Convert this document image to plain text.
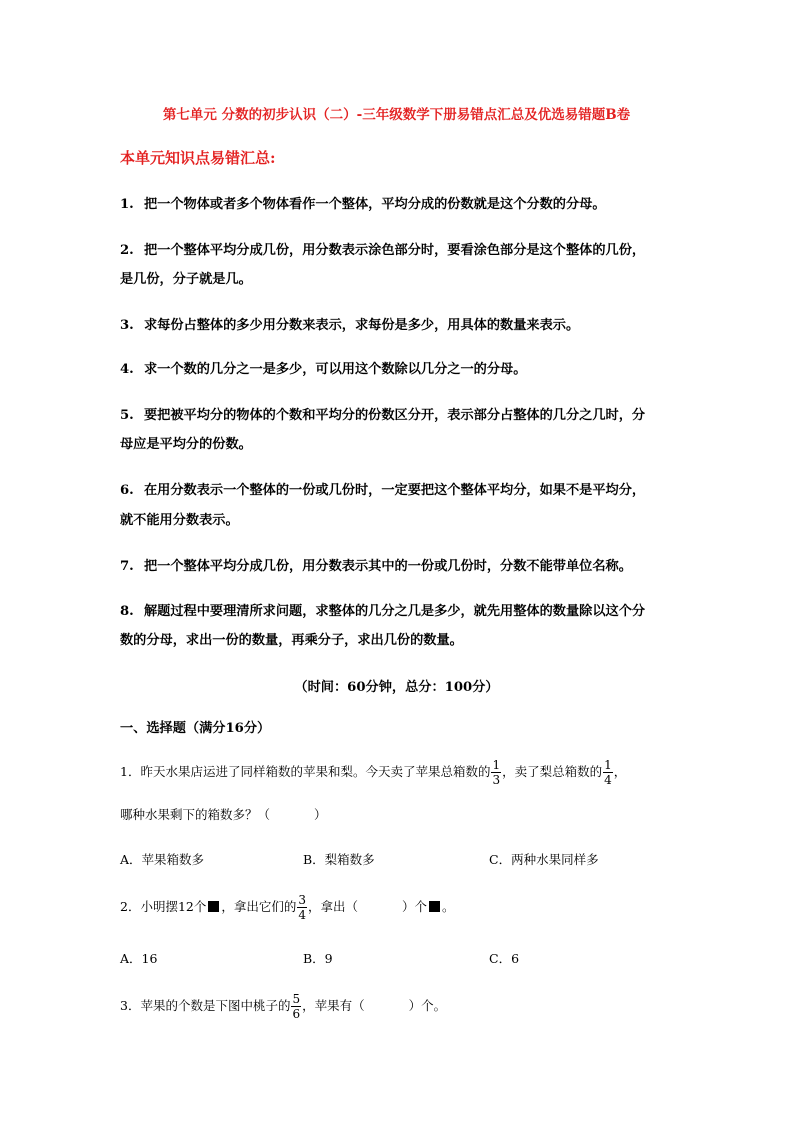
第七单元 分数的初步认识（二）-三年级数学下册易错点汇总及优选易错题B卷
本单元知识点易错汇总:
1. 把一个物体或者多个物体看作一个整体，平均分成的份数就是这个分数的分母。
2. 把一个整体平均分成几份，用分数表示涂色部分时，要看涂色部分是这个整体的几份，
是几份，分子就是几。
3. 求每份占整体的多少用分数来表示，求每份是多少，用具体的数量来表示。
4. 求一个数的几分之一是多少，可以用这个数除以几分之一的分母。
5. 要把被平均分的物体的个数和平均分的份数区分开，表示部分占整体的几分之几时，分
母应是平均分的份数。
6. 在用分数表示一个整体的一份或几份时，一定要把这个整体平均分，如果不是平均分，
就不能用分数表示。
7. 把一个整体平均分成几份，用分数表示其中的一份或几份时，分数不能带单位名称。
8. 解题过程中要理清所求问题，求整体的几分之几是多少，就先用整体的数量除以这个分
数的分母，求出一份的数量，再乘分子，求出几份的数量。
（时间：60分钟，总分：100分）
一、选择题（满分16分）
1．昨天水果店运进了同样箱数的苹果和梨。今天卖了苹果总箱数的 $\frac{1}{3}$ ，卖了梨总箱数的 $\frac{1}{4}$ ，
哪种水果剩下的箱数多？（	）
A．苹果箱数多	B．梨箱数多	C．两种水果同样多
2．小明摆12个 ，拿出它们的 $\frac{3}{4}$ ，拿出（	）个 。
A．16	B．9	C．6
3．苹果的个数是下图中桃子的 $\frac{5}{6}$ ，苹果有（	）个。
